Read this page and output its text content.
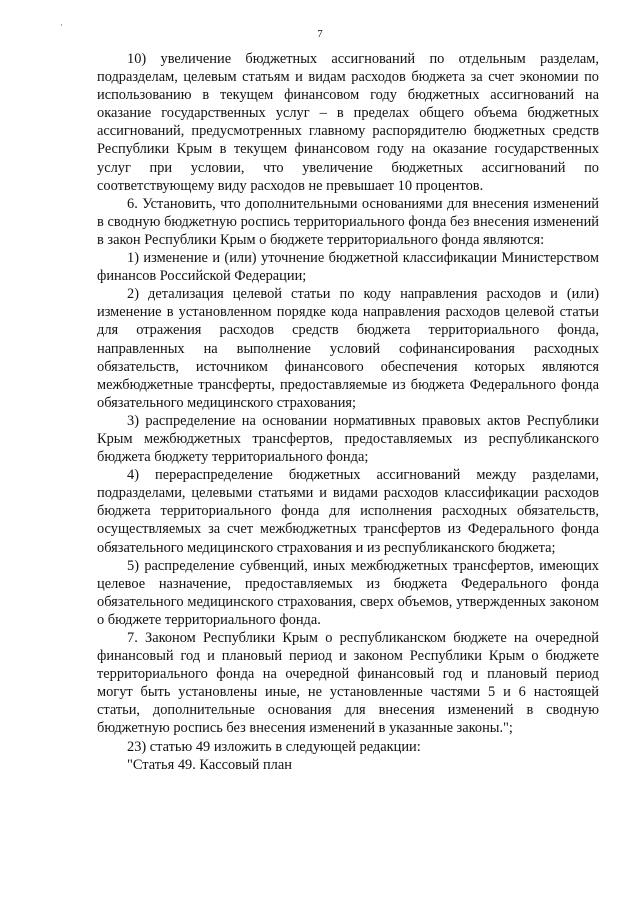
·
7

10) увеличение бюджетных ассигнований по отдельным разделам, подразделам, целевым статьям и видам расходов бюджета за счет экономии по использованию в текущем финансовом году бюджетных ассигнований на оказание государственных услуг – в пределах общего объема бюджетных ассигнований, предусмотренных главному распорядителю бюджетных средств Республики Крым в текущем финансовом году на оказание государственных услуг при условии, что увеличение бюджетных ассигнований по соответствующему виду расходов не превышает 10 процентов.

6. Установить, что дополнительными основаниями для внесения изменений в сводную бюджетную роспись территориального фонда без внесения изменений в закон Республики Крым о бюджете территориального фонда являются:

1) изменение и (или) уточнение бюджетной классификации Министерством финансов Российской Федерации;

2) детализация целевой статьи по коду направления расходов и (или) изменение в установленном порядке кода направления расходов целевой статьи для отражения расходов средств бюджета территориального фонда, направленных на выполнение условий софинансирования расходных обязательств, источником финансового обеспечения которых являются межбюджетные трансферты, предоставляемые из бюджета Федерального фонда обязательного медицинского страхования;

3) распределение на основании нормативных правовых актов Республики Крым межбюджетных трансфертов, предоставляемых из республиканского бюджета бюджету территориального фонда;

4) перераспределение бюджетных ассигнований между разделами, подразделами, целевыми статьями и видами расходов классификации расходов бюджета территориального фонда для исполнения расходных обязательств, осуществляемых за счет межбюджетных трансфертов из Федерального фонда обязательного медицинского страхования и из республиканского бюджета;

5) распределение субвенций, иных межбюджетных трансфертов, имеющих целевое назначение, предоставляемых из бюджета Федерального фонда обязательного медицинского страхования, сверх объемов, утвержденных законом о бюджете территориального фонда.

7. Законом Республики Крым о республиканском бюджете на очередной финансовый год и плановый период и законом Республики Крым о бюджете территориального фонда на очередной финансовый год и плановый период могут быть установлены иные, не установленные частями 5 и 6 настоящей статьи, дополнительные основания для внесения изменений в сводную бюджетную роспись без внесения изменений в указанные законы.";

23) статью 49 изложить в следующей редакции:

"Статья 49. Кассовый план
